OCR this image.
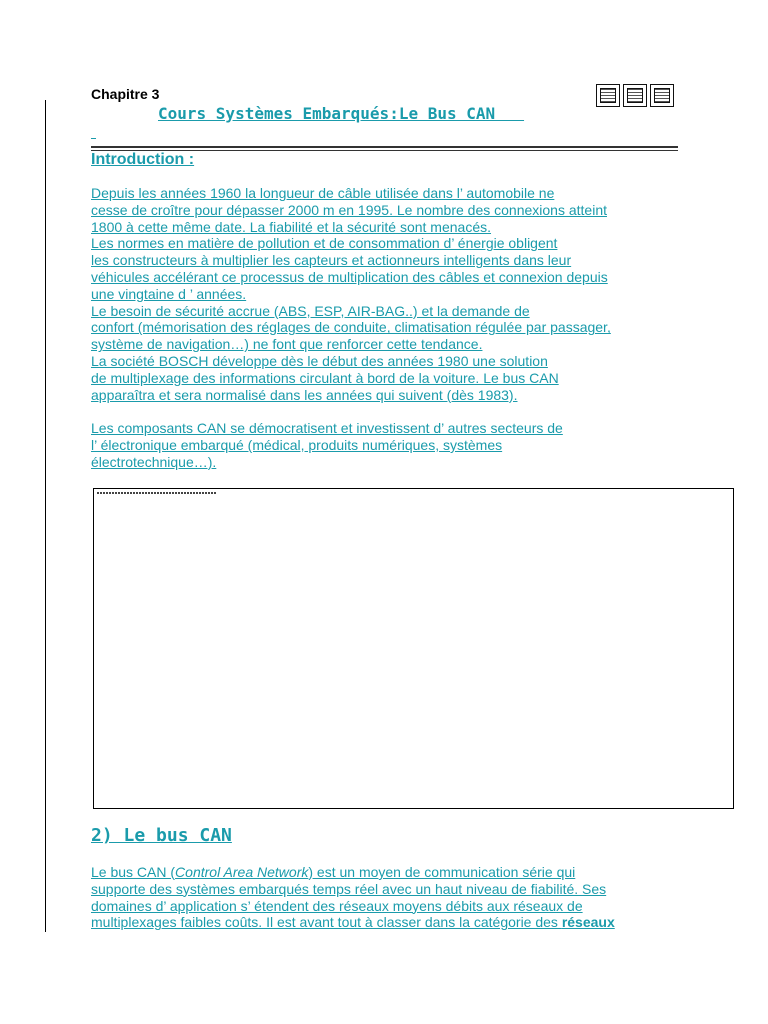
Chapitre 3
Cours Systèmes Embarqués:Le Bus CAN
Introduction :

Depuis les années 1960 la longueur de câble utilisée dans l’ automobile ne
cesse de croître pour dépasser 2000 m en 1995. Le nombre des connexions atteint
1800 à cette même date. La fiabilité et la sécurité sont menacés.

Les normes en matière de pollution et de consommation d’ énergie obligent
les constructeurs à multiplier les capteurs et actionneurs intelligents dans leur
véhicules accélérant ce processus de multiplication des câbles et connexion depuis
une vingtaine d ’ années.

Le besoin de sécurité accrue (ABS, ESP, AIR-BAG..) et la demande de
confort (mémorisation des réglages de conduite, climatisation régulée par passager,
système de navigation…) ne font que renforcer cette tendance.

La société BOSCH développe dès le début des années 1980 une solution
de multiplexage des informations circulant à bord de la voiture. Le bus CAN
apparaîtra et sera normalisé dans les années qui suivent (dès 1983).

Les composants CAN se démocratisent et investissent d’ autres secteurs de
l’ électronique embarqué (médical, produits numériques, systèmes
électrotechnique…).

2) Le bus CAN

Le bus CAN (Control Area Network) est un moyen de communication série qui
supporte des systèmes embarqués temps réel avec un haut niveau de fiabilité. Ses
domaines d’ application s’ étendent des réseaux moyens débits aux réseaux de
multiplexages faibles coûts. Il est avant tout à classer dans la catégorie des réseaux
